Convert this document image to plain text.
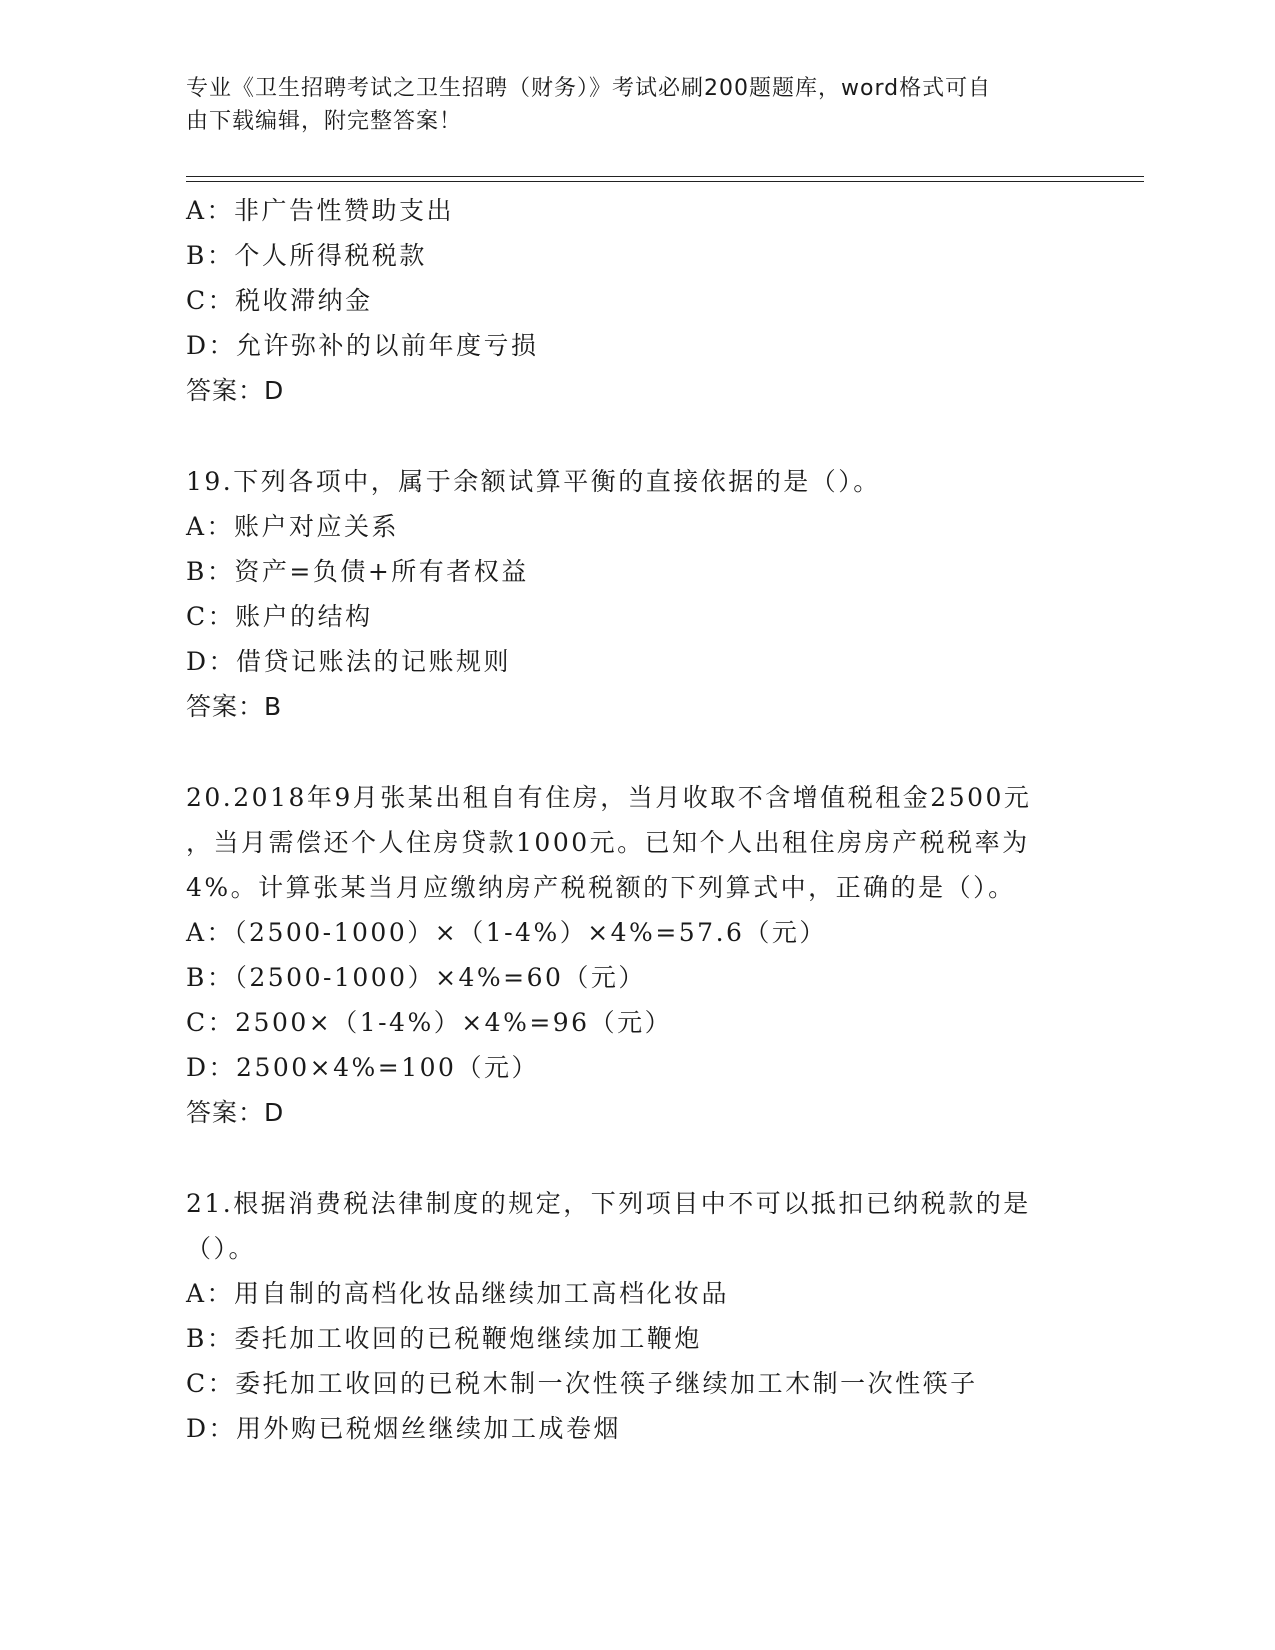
专业《卫生招聘考试之卫生招聘（财务）》考试必刷200题题库，word格式可自
由下载编辑，附完整答案！
A：非广告性赞助支出
B：个人所得税税款
C：税收滞纳金
D：允许弥补的以前年度亏损
答案：D
19.下列各项中，属于余额试算平衡的直接依据的是（）。
A：账户对应关系
B：资产=负债+所有者权益
C：账户的结构
D：借贷记账法的记账规则
答案：B
20.2018年9月张某出租自有住房，当月收取不含增值税租金2500元
，当月需偿还个人住房贷款1000元。已知个人出租住房房产税税率为
4%。计算张某当月应缴纳房产税税额的下列算式中，正确的是（）。
A：（2500-1000）×（1-4%）×4%=57.6（元）
B：（2500-1000）×4%=60（元）
C：2500×（1-4%）×4%=96（元）
D：2500×4%=100（元）
答案：D
21.根据消费税法律制度的规定，下列项目中不可以抵扣已纳税款的是
（）。
A：用自制的高档化妆品继续加工高档化妆品
B：委托加工收回的已税鞭炮继续加工鞭炮
C：委托加工收回的已税木制一次性筷子继续加工木制一次性筷子
D：用外购已税烟丝继续加工成卷烟
